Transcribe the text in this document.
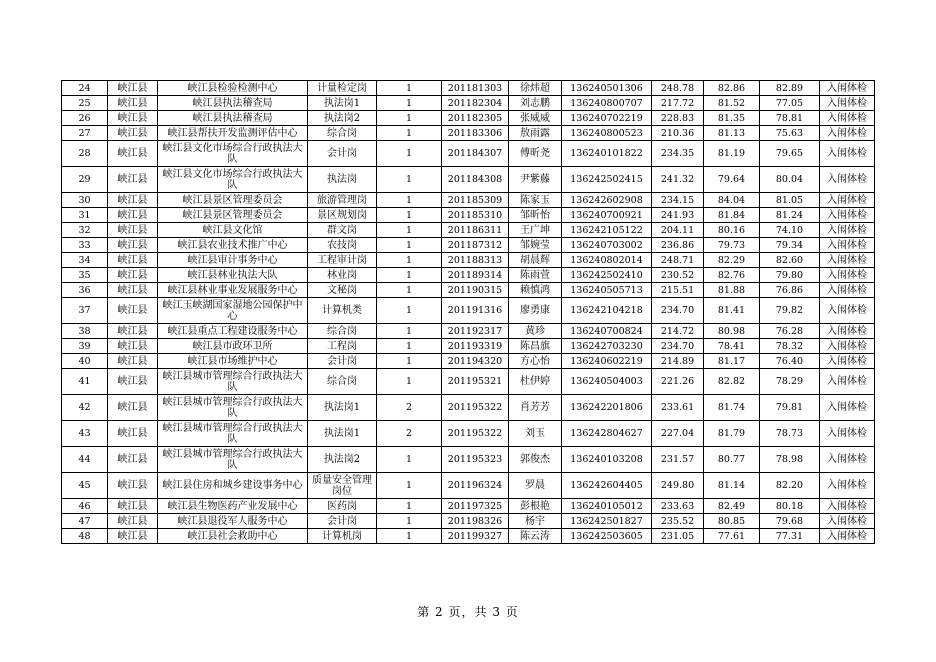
24	峡江县	峡江县检验检测中心	计量检定岗	1	201181303	徐炜超	136240501306	248.78	82.86	82.89	入闱体检
25	峡江县	峡江县执法稽查局	执法岗1	1	201182304	刘志鹏	136240800707	217.72	81.52	77.05	入闱体检
26	峡江县	峡江县执法稽查局	执法岗2	1	201182305	张威威	136240702219	228.83	81.35	78.81	入闱体检
27	峡江县	峡江县帮扶开发监测评估中心	综合岗	1	201183306	敖雨露	136240800523	210.36	81.13	75.63	入闱体检
28	峡江县	峡江县文化市场综合行政执法大队	会计岗	1	201184307	傅昕尧	136240101822	234.35	81.19	79.65	入闱体检
29	峡江县	峡江县文化市场综合行政执法大队	执法岗	1	201184308	尹紫藤	136242502415	241.32	79.64	80.04	入闱体检
30	峡江县	峡江县景区管理委员会	旅游管理岗	1	201185309	陈家玉	136242602908	234.15	84.04	81.05	入闱体检
31	峡江县	峡江县景区管理委员会	景区规划岗	1	201185310	邹昕怡	136240700921	241.93	81.84	81.24	入闱体检
32	峡江县	峡江县文化馆	群文岗	1	201186311	王广坤	136242105122	204.11	80.16	74.10	入闱体检
33	峡江县	峡江县农业技术推广中心	农技岗	1	201187312	邹婉莹	136240703002	236.86	79.73	79.34	入闱体检
34	峡江县	峡江县审计事务中心	工程审计岗	1	201188313	胡晨辉	136240802014	248.71	82.29	82.60	入闱体检
35	峡江县	峡江县林业执法大队	林业岗	1	201189314	陈雨萱	136242502410	230.52	82.76	79.80	入闱体检
36	峡江县	峡江县林业事业发展服务中心	文秘岗	1	201190315	赖慎鸿	136240505713	215.51	81.88	76.86	入闱体检
37	峡江县	峡江玉峡湖国家湿地公园保护中心	计算机类	1	201191316	廖勇康	136242104218	234.70	81.41	79.82	入闱体检
38	峡江县	峡江县重点工程建设服务中心	综合岗	1	201192317	黄珍	136240700824	214.72	80.98	76.28	入闱体检
39	峡江县	峡江县市政环卫所	工程岗	1	201193319	陈昌旗	136242703230	234.70	78.41	78.32	入闱体检
40	峡江县	峡江县市场维护中心	会计岗	1	201194320	方心怡	136240602219	214.89	81.17	76.40	入闱体检
41	峡江县	峡江县城市管理综合行政执法大队	综合岗	1	201195321	杜伊婷	136240504003	221.26	82.82	78.29	入闱体检
42	峡江县	峡江县城市管理综合行政执法大队	执法岗1	2	201195322	肖芳芳	136242201806	233.61	81.74	79.81	入闱体检
43	峡江县	峡江县城市管理综合行政执法大队	执法岗1	2	201195322	刘玉	136242804627	227.04	81.79	78.73	入闱体检
44	峡江县	峡江县城市管理综合行政执法大队	执法岗2	1	201195323	郭俊杰	136240103208	231.57	80.77	78.98	入闱体检
45	峡江县	峡江县住房和城乡建设事务中心	质量安全管理岗位	1	201196324	罗晨	136242604405	249.80	81.14	82.20	入闱体检
46	峡江县	峡江县生物医药产业发展中心	医药岗	1	201197325	彭根艳	136240105012	233.63	82.49	80.18	入闱体检
47	峡江县	峡江县退役军人服务中心	会计岗	1	201198326	杨宇	136242501827	235.52	80.85	79.68	入闱体检
48	峡江县	峡江县社会救助中心	计算机岗	1	201199327	陈云涛	136242503605	231.05	77.61	77.31	入闱体检
第 2 页，共 3 页
